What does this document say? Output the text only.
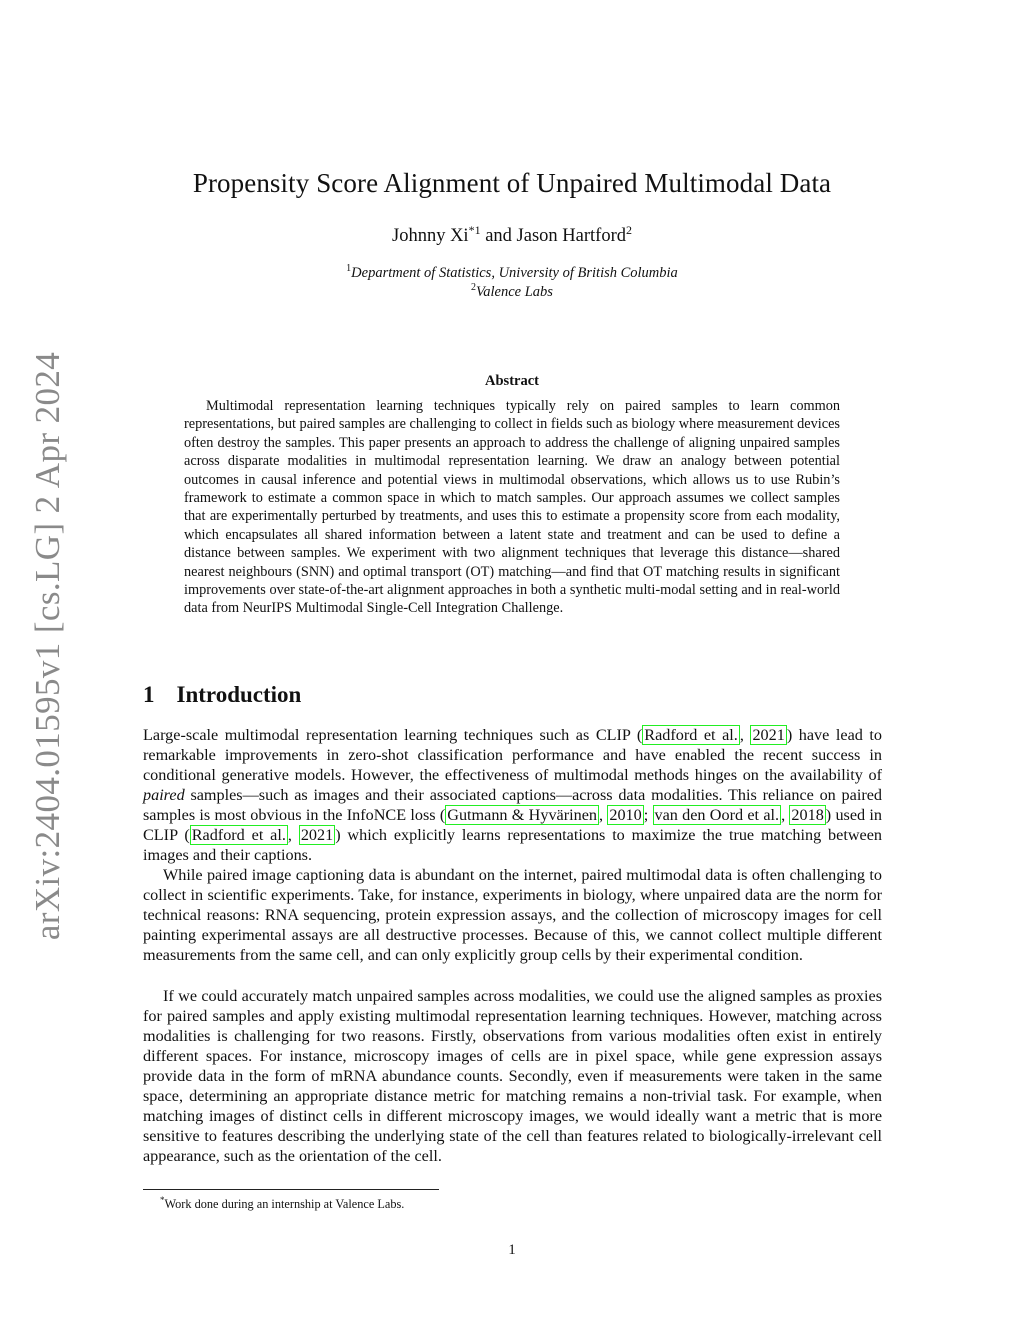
arXiv:2404.01595v1 [cs.LG] 2 Apr 2024
Propensity Score Alignment of Unpaired Multimodal Data
Johnny Xi$^{*1}$ and Jason Hartford$^2$
$^1$Department of Statistics, University of British Columbia
$^2$Valence Labs
Abstract

Multimodal representation learning techniques typically rely on paired samples to learn common representations, but paired samples are challenging to collect in fields such as biology where measurement devices often destroy the samples. This paper presents an approach to address the challenge of aligning unpaired samples across disparate modalities in multimodal representation learning. We draw an analogy between potential outcomes in causal inference and potential views in multimodal observations, which allows us to use Rubin’s framework to estimate a common space in which to match samples. Our approach assumes we collect samples that are experimentally perturbed by treatments, and uses this to estimate a propensity score from each modality, which encapsulates all shared information between a latent state and treatment and can be used to define a distance between samples. We experiment with two alignment techniques that leverage this distance—shared nearest neighbours (SNN) and optimal transport (OT) matching—and find that OT matching results in significant improvements over state-of-the-art alignment approaches in both a synthetic multi-modal setting and in real-world data from NeurIPS Multimodal Single-Cell Integration Challenge.

1 Introduction

Large-scale multimodal representation learning techniques such as CLIP ( Radford et al. , 2021 ) have lead to remarkable improvements in zero-shot classification performance and have enabled the recent success in conditional generative models. However, the effectiveness of multimodal methods hinges on the availability of paired samples—such as images and their associated captions—across data modalities. This reliance on paired samples is most obvious in the InfoNCE loss ( Gutmann & Hyvärinen , 2010 ; van den Oord et al. , 2018 ) used in CLIP ( Radford et al. , 2021 ) which explicitly learns representations to maximize the true matching between images and their captions.

While paired image captioning data is abundant on the internet, paired multimodal data is often challenging to collect in scientific experiments. Take, for instance, experiments in biology, where unpaired data are the norm for technical reasons: RNA sequencing, protein expression assays, and the collection of microscopy images for cell painting experimental assays are all destructive processes. Because of this, we cannot collect multiple different measurements from the same cell, and can only explicitly group cells by their experimental condition.

If we could accurately match unpaired samples across modalities, we could use the aligned samples as proxies for paired samples and apply existing multimodal representation learning techniques. However, matching across modalities is challenging for two reasons. Firstly, observations from various modalities often exist in entirely different spaces. For instance, microscopy images of cells are in pixel space, while gene expression assays provide data in the form of mRNA abundance counts. Secondly, even if measurements were taken in the same space, determining an appropriate distance metric for matching remains a non-trivial task. For example, when matching images of distinct cells in different microscopy images, we would ideally want a metric that is more sensitive to features describing the underlying state of the cell than features related to biologically-irrelevant cell appearance, such as the orientation of the cell.

*Work done during an internship at Valence Labs.
1
